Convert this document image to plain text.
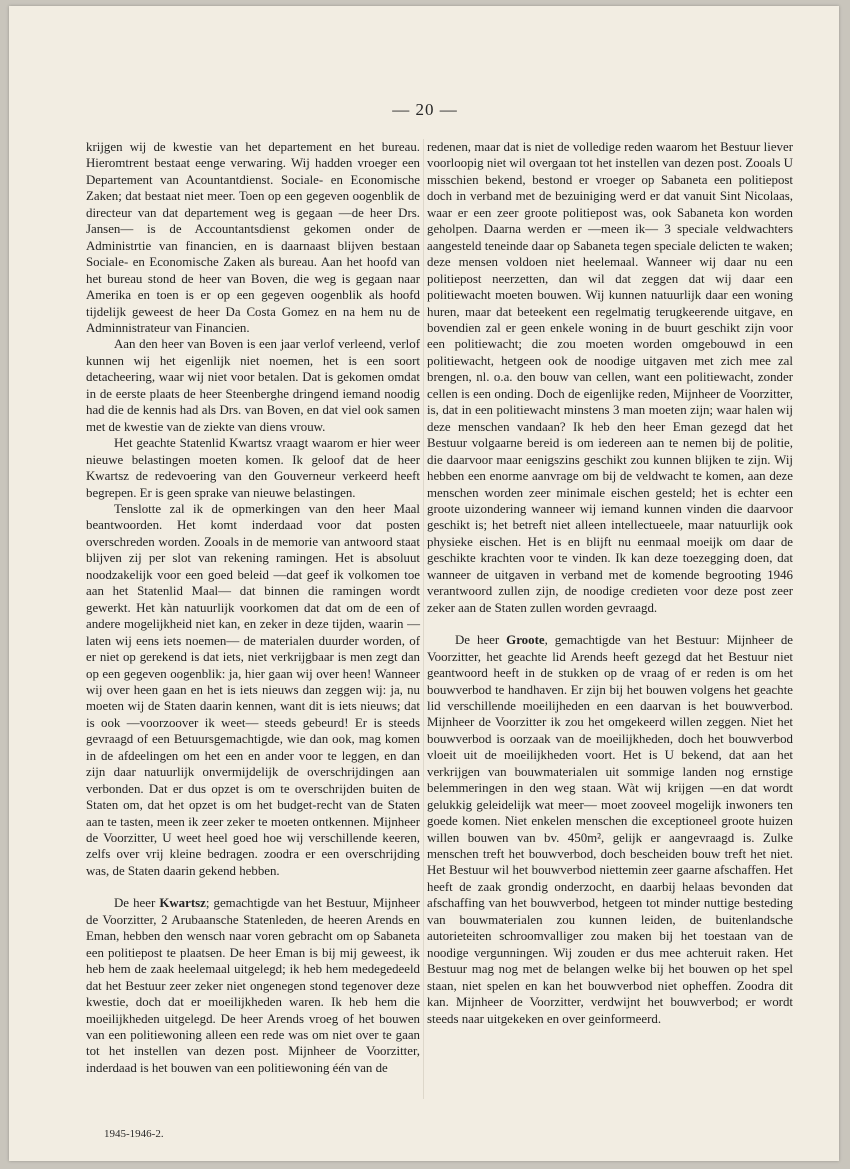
— 20 —

krijgen wij de kwestie van het departement en het bureau. Hieromtrent bestaat eenge verwaring. Wij hadden vroeger een Departement van Acountantdienst. Sociale- en Economische Zaken; dat bestaat niet meer. Toen op een gegeven oogenblik de directeur van dat departement weg is gegaan —de heer Drs. Jansen— is de Accountantsdienst gekomen onder de Administrtie van financien, en is daarnaast blijven bestaan Sociale- en Economische Zaken als bureau. Aan het hoofd van het bureau stond de heer van Boven, die weg is gegaan naar Amerika en toen is er op een gegeven oogenblik als hoofd tijdelijk geweest de heer Da Costa Gomez en na hem nu de Adminnistrateur van Financien.

Aan den heer van Boven is een jaar verlof verleend, verlof kunnen wij het eigenlijk niet noemen, het is een soort detacheering, waar wij niet voor betalen. Dat is gekomen omdat in de eerste plaats de heer Steenberghe dringend iemand noodig had die de kennis had als Drs. van Boven, en dat viel ook samen met de kwestie van de ziekte van diens vrouw.

Het geachte Statenlid Kwartsz vraagt waarom er hier weer nieuwe belastingen moeten komen. Ik geloof dat de heer Kwartsz de redevoering van den Gouverneur verkeerd heeft begrepen. Er is geen sprake van nieuwe belastingen.

Tenslotte zal ik de opmerkingen van den heer Maal beantwoorden. Het komt inderdaad voor dat posten overschreden worden. Zooals in de memorie van antwoord staat blijven zij per slot van rekening ramingen. Het is absoluut noodzakelijk voor een goed beleid —dat geef ik volkomen toe aan het Statenlid Maal— dat binnen die ramingen wordt gewerkt. Het kàn natuurlijk voorkomen dat dat om de een of andere mogelijkheid niet kan, en zeker in deze tijden, waarin —laten wij eens iets noemen— de materialen duurder worden, of er niet op gerekend is dat iets, niet verkrijgbaar is men zegt dan op een gegeven oogenblik: ja, hier gaan wij over heen! Wanneer wij over heen gaan en het is iets nieuws dan zeggen wij: ja, nu moeten wij de Staten daarin kennen, want dit is iets nieuws; dat is ook —voorzoover ik weet— steeds gebeurd! Er is steeds gevraagd of een Betuursgemachtigde, wie dan ook, mag komen in de afdeelingen om het een en ander voor te leggen, en dan zijn daar natuurlijk onvermijdelijk de overschrijdingen aan verbonden. Dat er dus opzet is om te overschrijden buiten de Staten om, dat het opzet is om het budget-recht van de Staten aan te tasten, meen ik zeer zeker te moeten ontkennen. Mijnheer de Voorzitter, U weet heel goed hoe wij verschillende keeren, zelfs over vrij kleine bedragen. zoodra er een overschrijding was, de Staten daarin gekend hebben.

De heer Kwartsz; gemachtigde van het Bestuur, Mijnheer de Voorzitter, 2 Arubaansche Statenleden, de heeren Arends en Eman, hebben den wensch naar voren gebracht om op Sabaneta een politiepost te plaatsen. De heer Eman is bij mij geweest, ik heb hem de zaak heelemaal uitgelegd; ik heb hem medegedeeld dat het Bestuur zeer zeker niet ongenegen stond tegenover deze kwestie, doch dat er moeilijkheden waren. Ik heb hem die moeilijkheden uitgelegd. De heer Arends vroeg of het bouwen van een politiewoning alleen een rede was om niet over te gaan tot het instellen van dezen post. Mijnheer de Voorzitter, inderdaad is het bouwen van een politiewoning één van de

redenen, maar dat is niet de volledige reden waarom het Bestuur liever voorloopig niet wil overgaan tot het instellen van dezen post. Zooals U misschien bekend, bestond er vroeger op Sabaneta een politiepost doch in verband met de bezuiniging werd er dat vanuit Sint Nicolaas, waar er een zeer groote politiepost was, ook Sabaneta kon worden geholpen. Daarna werden er —meen ik— 3 speciale veldwachters aangesteld teneinde daar op Sabaneta tegen speciale delicten te waken; deze mensen voldoen niet heelemaal. Wanneer wij daar nu een politiepost neerzetten, dan wil dat zeggen dat wij daar een politiewacht moeten bouwen. Wij kunnen natuurlijk daar een woning huren, maar dat beteekent een regelmatig terugkeerende uitgave, en bovendien zal er geen enkele woning in de buurt geschikt zijn voor een politiewacht; die zou moeten worden omgebouwd in een politiewacht, hetgeen ook de noodige uitgaven met zich mee zal brengen, nl. o.a. den bouw van cellen, want een politiewacht, zonder cellen is een onding. Doch de eigenlijke reden, Mijnheer de Voorzitter, is, dat in een politiewacht minstens 3 man moeten zijn; waar halen wij deze menschen vandaan? Ik heb den heer Eman gezegd dat het Bestuur volgaarne bereid is om iedereen aan te nemen bij de politie, die daarvoor maar eenigszins geschikt zou kunnen blijken te zijn. Wij hebben een enorme aanvrage om bij de veldwacht te komen, aan deze menschen worden zeer minimale eischen gesteld; het is echter een groote uizondering wanneer wij iemand kunnen vinden die daarvoor geschikt is; het betreft niet alleen intellectueele, maar natuurlijk ook physieke eischen. Het is en blijft nu eenmaal moeijk om daar de geschikte krachten voor te vinden. Ik kan deze toezegging doen, dat wanneer de uitgaven in verband met de komende begrooting 1946 verantwoord zullen zijn, de noodige credieten voor deze post zeer zeker aan de Staten zullen worden gevraagd.

De heer Groote, gemachtigde van het Bestuur: Mijnheer de Voorzitter, het geachte lid Arends heeft gezegd dat het Bestuur niet geantwoord heeft in de stukken op de vraag of er reden is om het bouwverbod te handhaven. Er zijn bij het bouwen volgens het geachte lid verschillende moeilijheden en een daarvan is het bouwverbod. Mijnheer de Voorzitter ik zou het omgekeerd willen zeggen. Niet het bouwverbod is oorzaak van de moeilijkheden, doch het bouwverbod vloeit uit de moeilijkheden voort. Het is U bekend, dat aan het verkrijgen van bouwmaterialen uit sommige landen nog ernstige belemmeringen in den weg staan. Wàt wij krijgen —en dat wordt gelukkig geleidelijk wat meer— moet zooveel mogelijk inwoners ten goede komen. Niet enkelen menschen die exceptioneel groote huizen willen bouwen van bv. 450m², gelijk er aangevraagd is. Zulke menschen treft het bouwverbod, doch bescheiden bouw treft het niet. Het Bestuur wil het bouwverbod niettemin zeer gaarne afschaffen. Het heeft de zaak grondig onderzocht, en daarbij helaas bevonden dat afschaffing van het bouwverbod, hetgeen tot minder nuttige besteding van bouwmaterialen zou kunnen leiden, de buitenlandsche autorieteiten schroomvalliger zou maken bij het toestaan van de noodige vergunningen. Wij zouden er dus mee achteruit raken. Het Bestuur mag nog met de belangen welke bij het bouwen op het spel staan, niet spelen en kan het bouwverbod niet opheffen. Zoodra dit kan. Mijnheer de Voorzitter, verdwijnt het bouwverbod; er wordt steeds naar uitgekeken en over geinformeerd.

1945-1946-2.
